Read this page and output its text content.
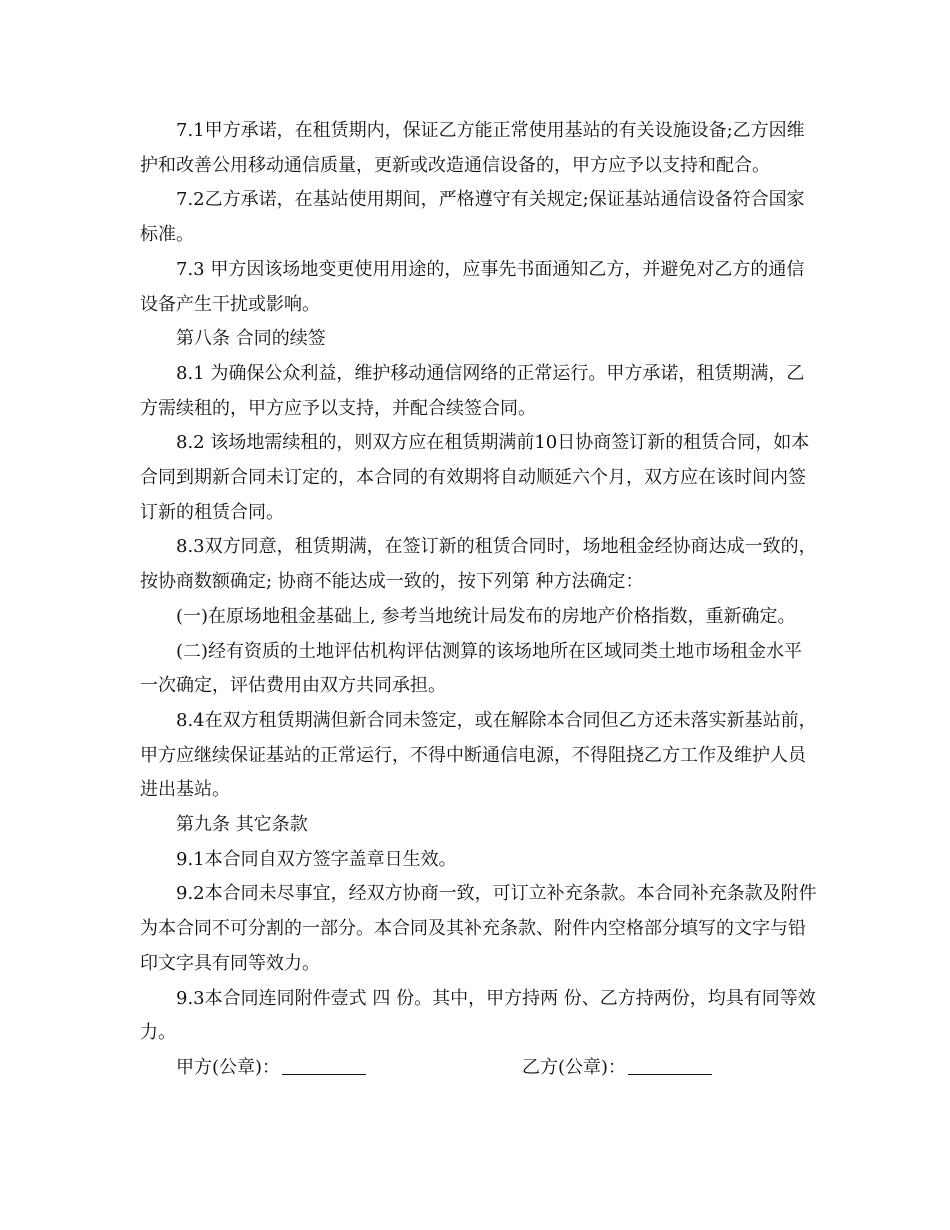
7.1甲方承诺，在租赁期内，保证乙方能正常使用基站的有关设施设备;乙方因维护和改善公用移动通信质量，更新或改造通信设备的，甲方应予以支持和配合。

7.2乙方承诺，在基站使用期间，严格遵守有关规定;保证基站通信设备符合国家标准。

7.3 甲方因该场地变更使用用途的，应事先书面通知乙方，并避免对乙方的通信设备产生干扰或影响。

第八条 合同的续签

8.1 为确保公众利益，维护移动通信网络的正常运行。甲方承诺，租赁期满，乙方需续租的，甲方应予以支持，并配合续签合同。

8.2 该场地需续租的，则双方应在租赁期满前10日协商签订新的租赁合同，如本合同到期新合同未订定的，本合同的有效期将自动顺延六个月，双方应在该时间内签订新的租赁合同。

8.3双方同意，租赁期满，在签订新的租赁合同时，场地租金经协商达成一致的，按协商数额确定; 协商不能达成一致的，按下列第 种方法确定：

(一)在原场地租金基础上, 参考当地统计局发布的房地产价格指数，重新确定。

(二)经有资质的土地评估机构评估测算的该场地所在区域同类土地市场租金水平一次确定，评估费用由双方共同承担。

8.4在双方租赁期满但新合同未签定，或在解除本合同但乙方还未落实新基站前，甲方应继续保证基站的正常运行，不得中断通信电源，不得阻挠乙方工作及维护人员进出基站。

第九条 其它条款

9.1本合同自双方签字盖章日生效。

9.2本合同未尽事宜，经双方协商一致，可订立补充条款。本合同补充条款及附件为本合同不可分割的一部分。本合同及其补充条款、附件内空格部分填写的文字与铅印文字具有同等效力。

9.3本合同连同附件壹式 四 份。其中，甲方持两 份、乙方持两份，均具有同等效力。

甲方(公章)：	乙方(公章)：
